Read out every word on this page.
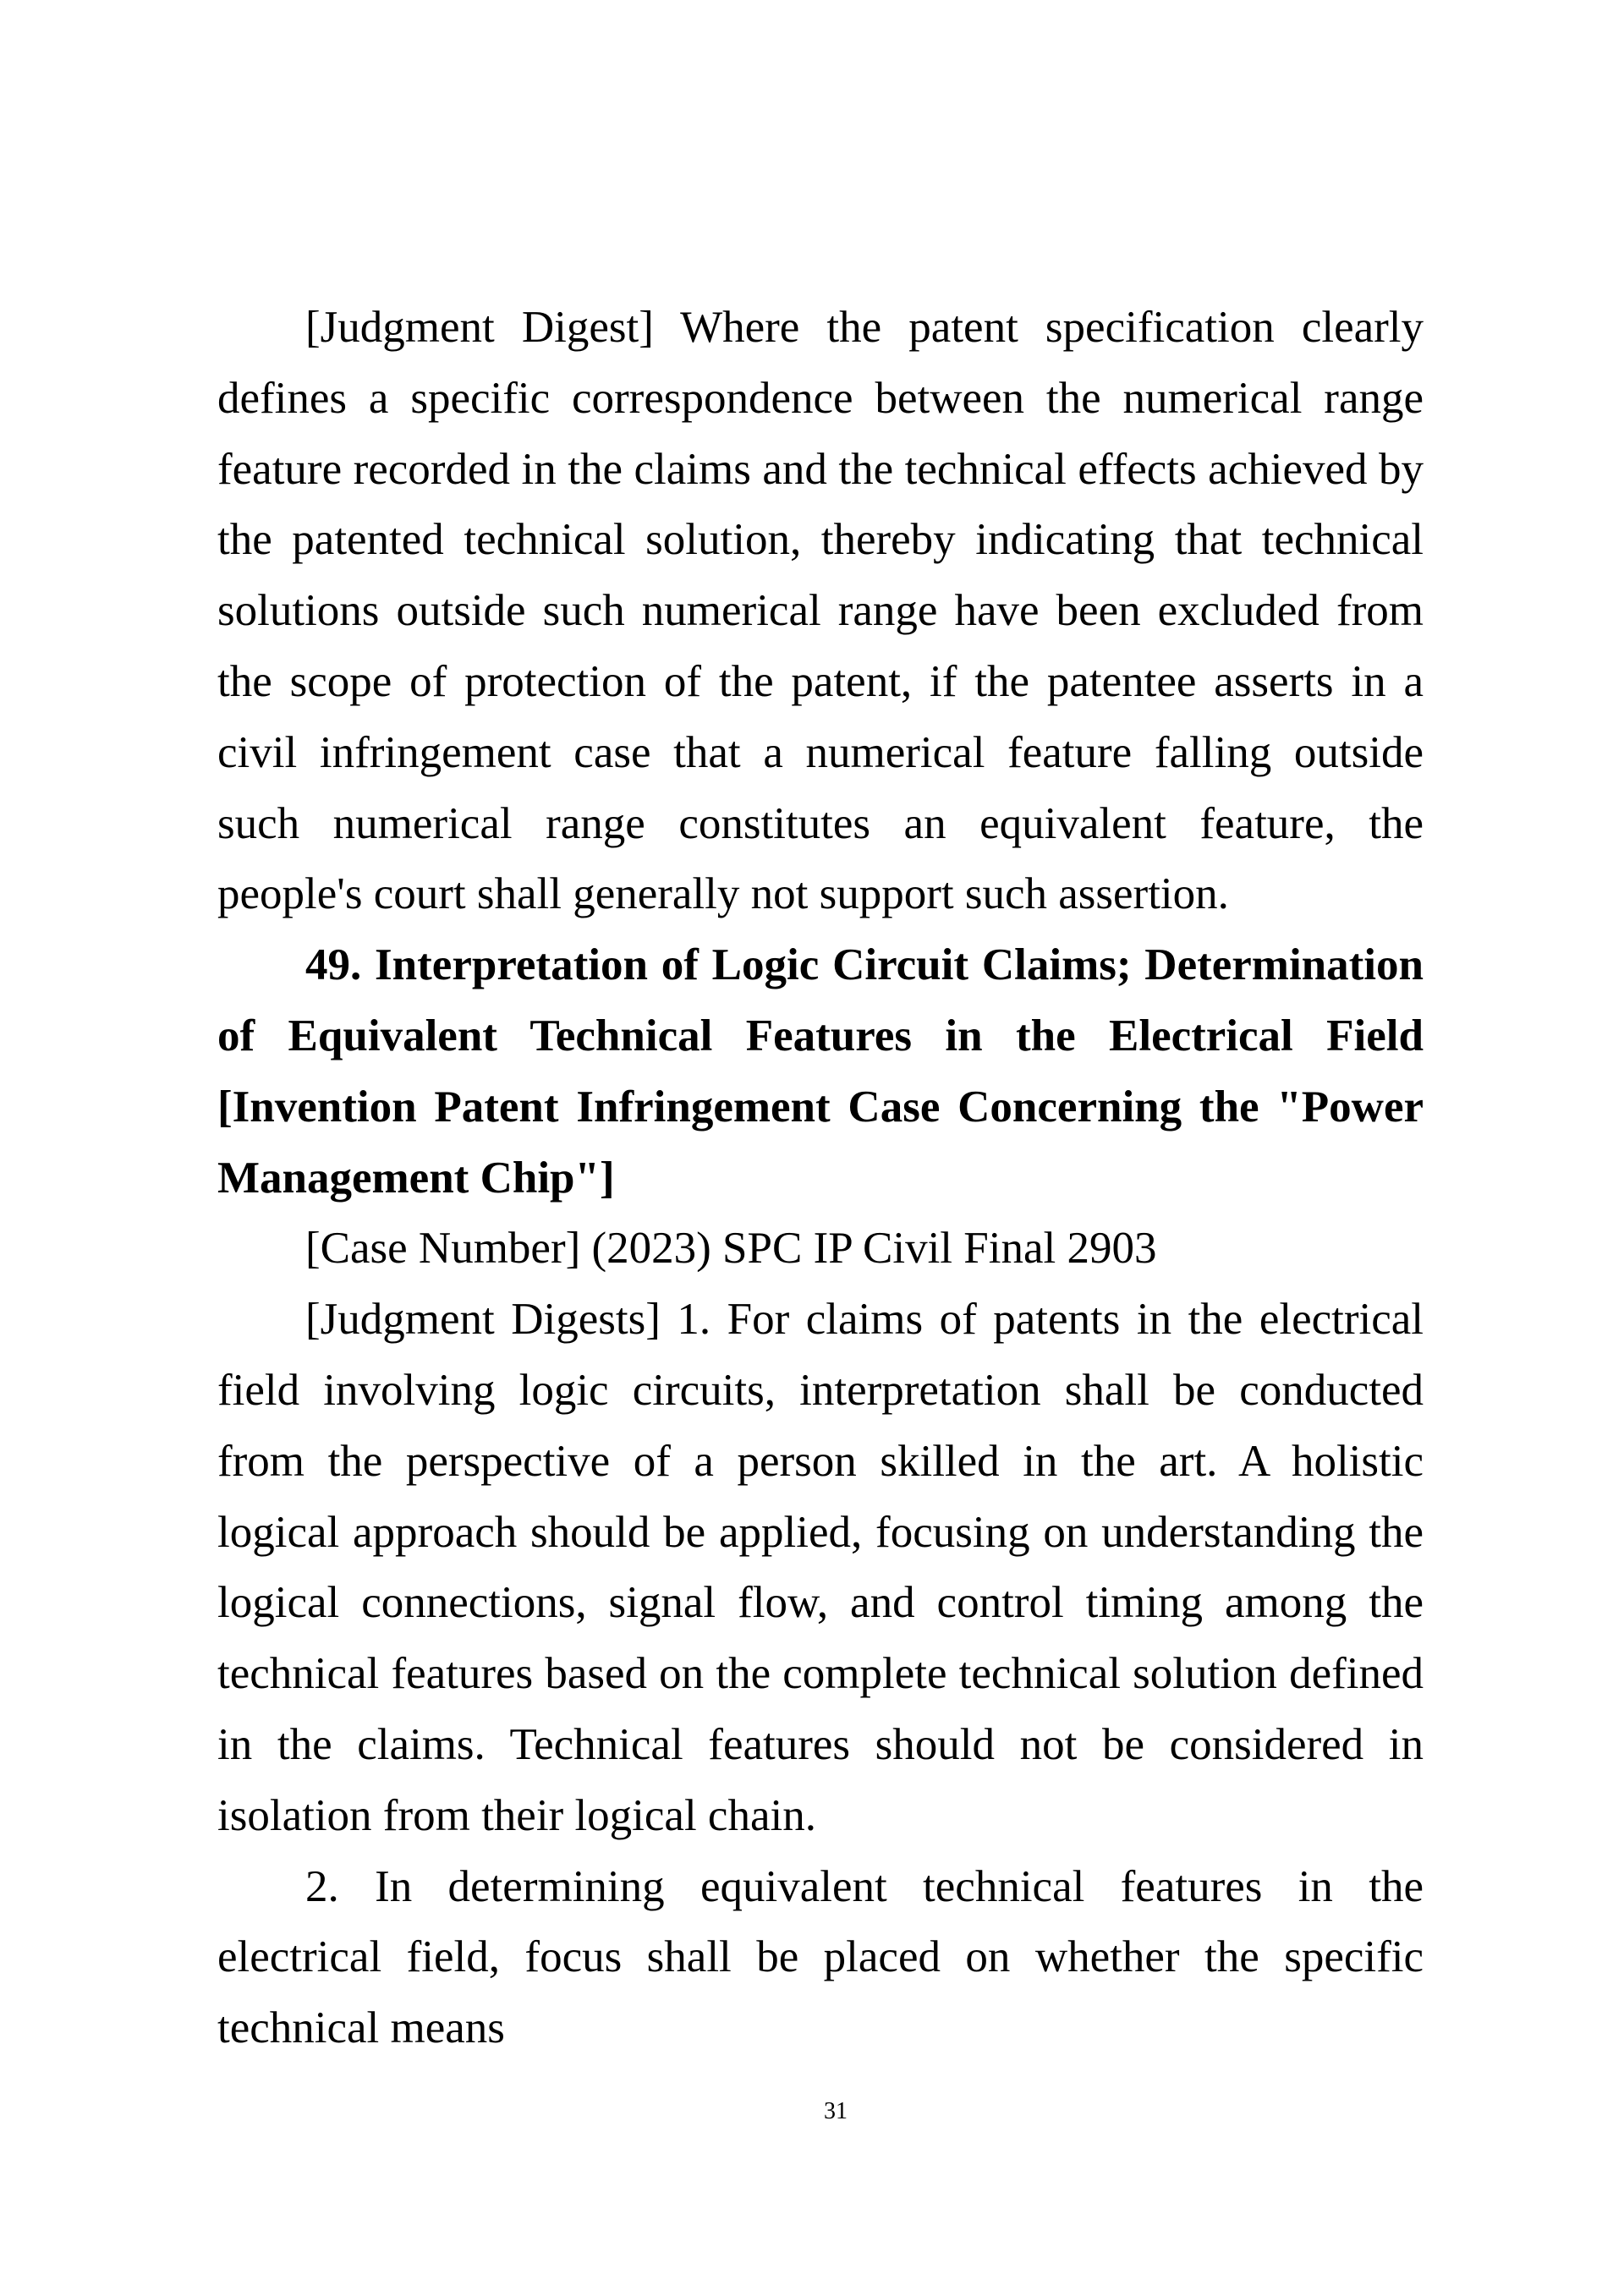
[Judgment Digest] Where the patent specification clearly defines a specific correspondence between the numerical range feature recorded in the claims and the technical effects achieved by the patented technical solution, thereby indicating that technical solutions outside such numerical range have been excluded from the scope of protection of the patent, if the patentee asserts in a civil infringement case that a numerical feature falling outside such numerical range constitutes an equivalent feature, the people's court shall generally not support such assertion.

49. Interpretation of Logic Circuit Claims; Determination of Equivalent Technical Features in the Electrical Field [Invention Patent Infringement Case Concerning the "Power Management Chip"]

[Case Number] (2023) SPC IP Civil Final 2903

[Judgment Digests] 1. For claims of patents in the electrical field involving logic circuits, interpretation shall be conducted from the perspective of a person skilled in the art. A holistic logical approach should be applied, focusing on understanding the logical connections, signal flow, and control timing among the technical features based on the complete technical solution defined in the claims. Technical features should not be considered in isolation from their logical chain.

2. In determining equivalent technical features in the electrical field, focus shall be placed on whether the specific technical means

31
